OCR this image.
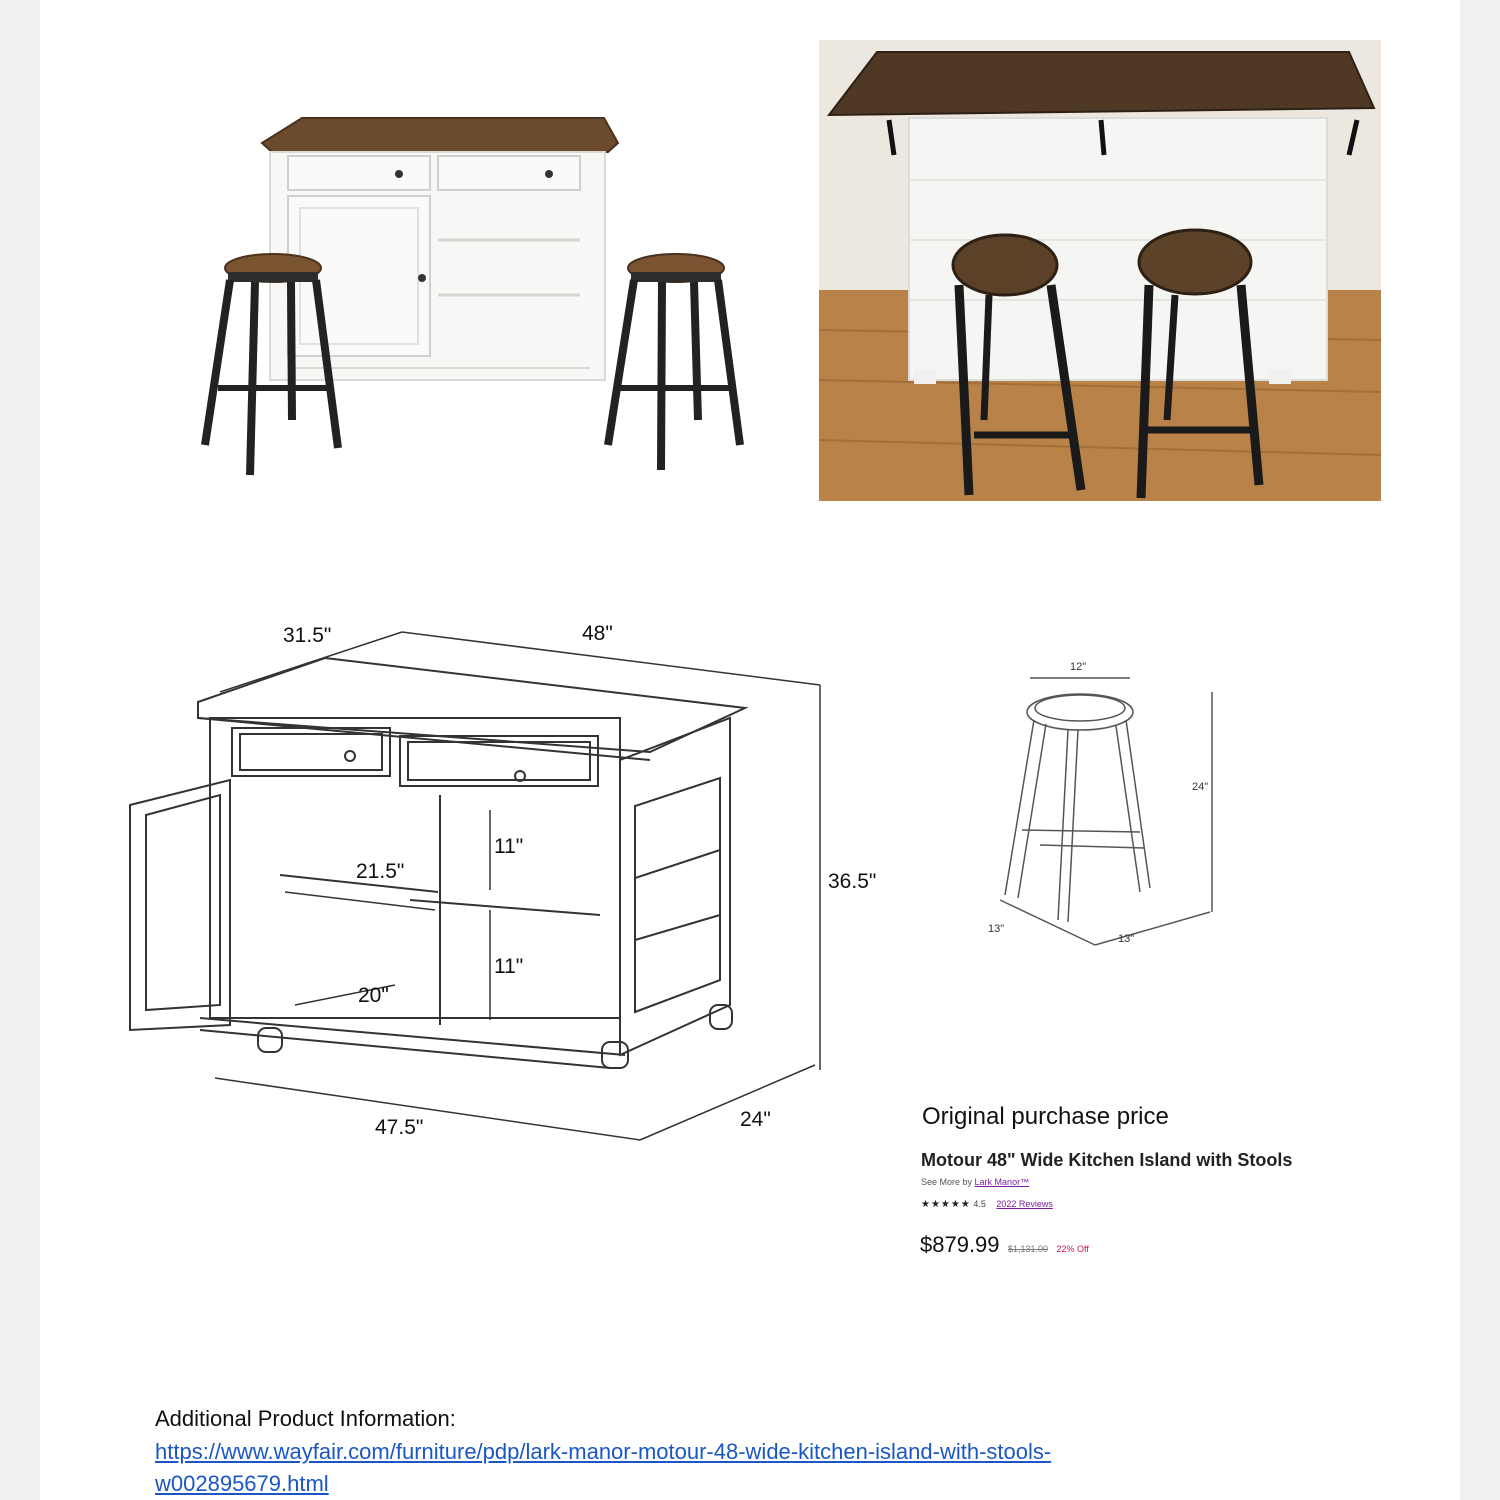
31.5"	48"
36.5"
11"
11"
21.5"
20"
47.5"	24"
12"
24"
13"
13"
Original purchase price
Motour 48" Wide Kitchen Island with Stools
See More by Lark Manor™
★★★★★ 4.5 2022 Reviews
$879.99 $1,131.00 22% Off
Additional Product Information:
https://www.wayfair.com/furniture/pdp/lark-manor-motour-48-wide-kitchen-island-with-stools-
w002895679.html
